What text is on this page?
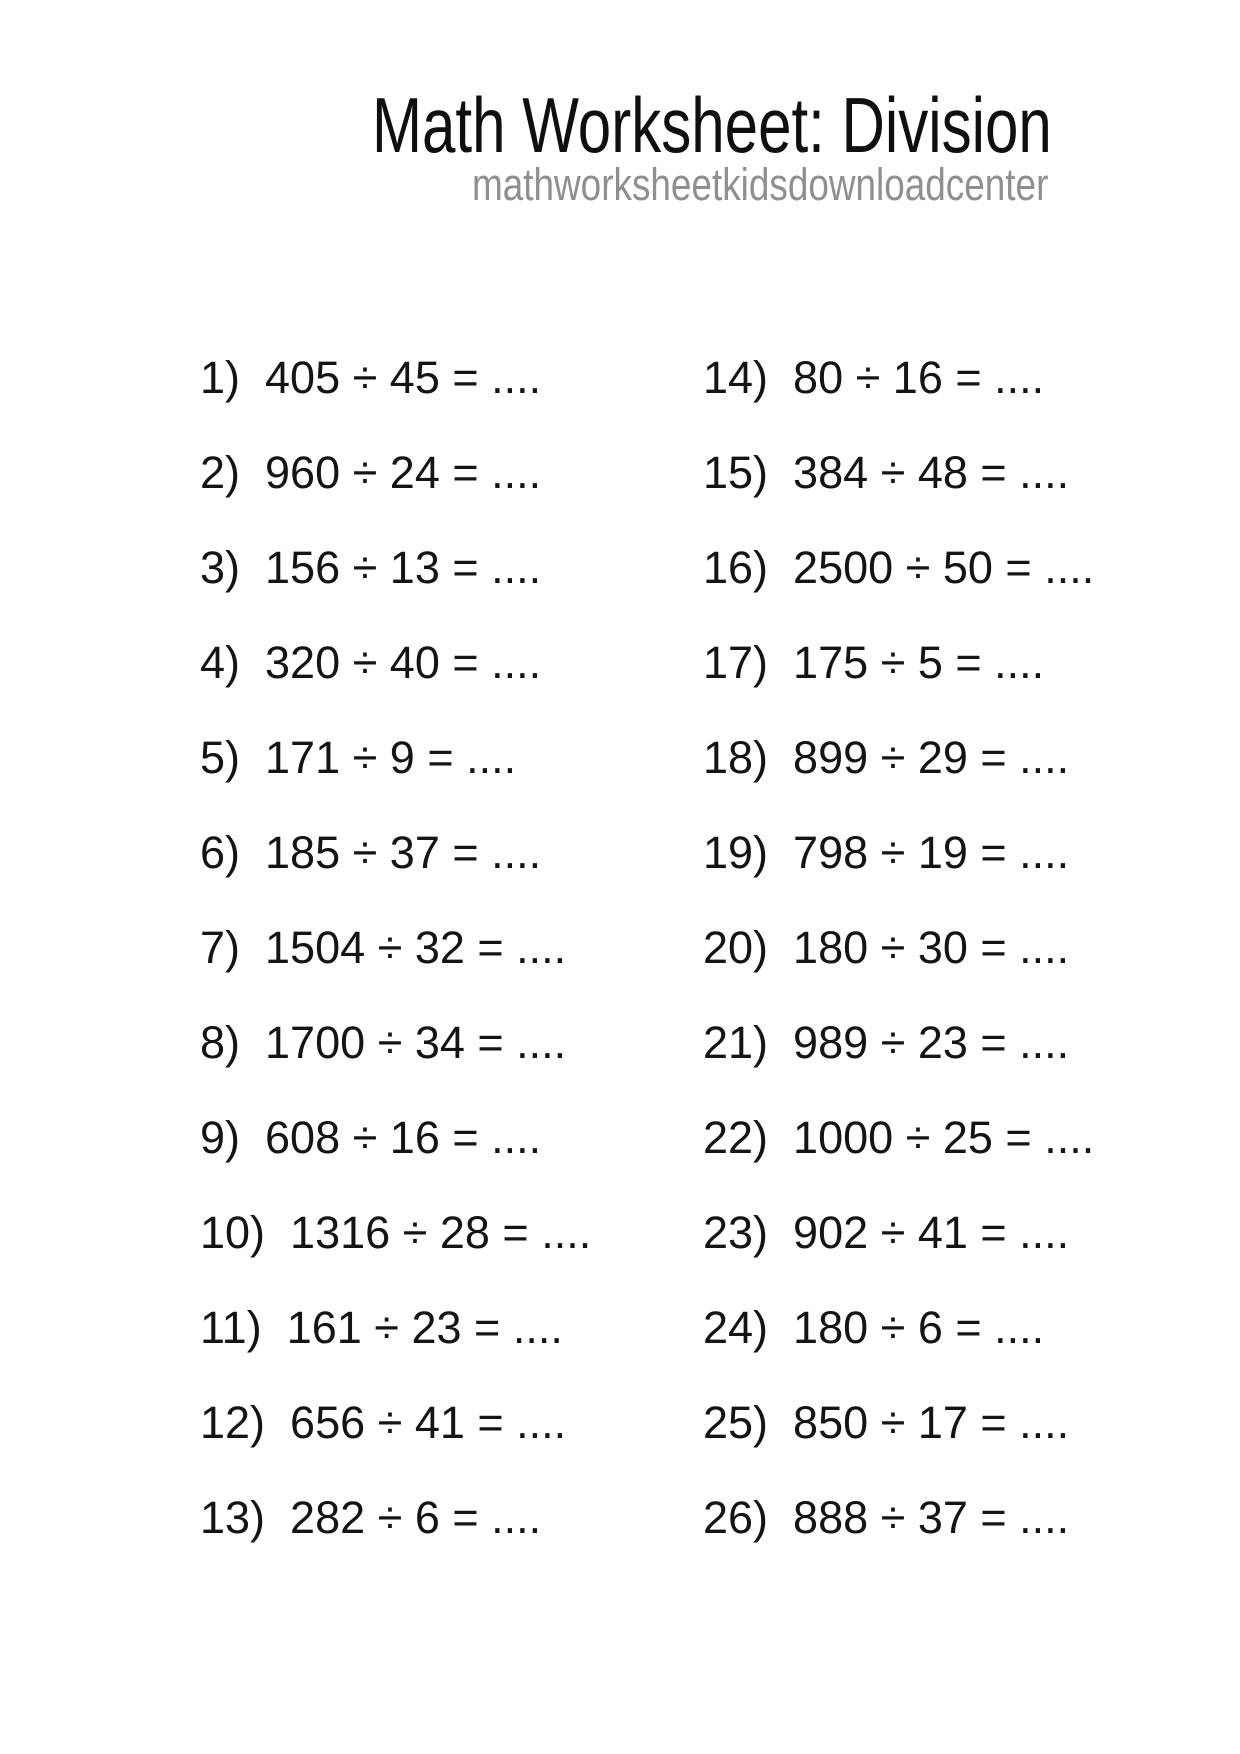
Math Worksheet: Division
mathworksheetkidsdownloadcenter
1) 405 ÷ 45 = ....
2) 960 ÷ 24 = ....
3) 156 ÷ 13 = ....
4) 320 ÷ 40 = ....
5) 171 ÷ 9 = ....
6) 185 ÷ 37 = ....
7) 1504 ÷ 32 = ....
8) 1700 ÷ 34 = ....
9) 608 ÷ 16 = ....
10) 1316 ÷ 28 = ....
11) 161 ÷ 23 = ....
12) 656 ÷ 41 = ....
13) 282 ÷ 6 = ....
14) 80 ÷ 16 = ....
15) 384 ÷ 48 = ....
16) 2500 ÷ 50 = ....
17) 175 ÷ 5 = ....
18) 899 ÷ 29 = ....
19) 798 ÷ 19 = ....
20) 180 ÷ 30 = ....
21) 989 ÷ 23 = ....
22) 1000 ÷ 25 = ....
23) 902 ÷ 41 = ....
24) 180 ÷ 6 = ....
25) 850 ÷ 17 = ....
26) 888 ÷ 37 = ....
